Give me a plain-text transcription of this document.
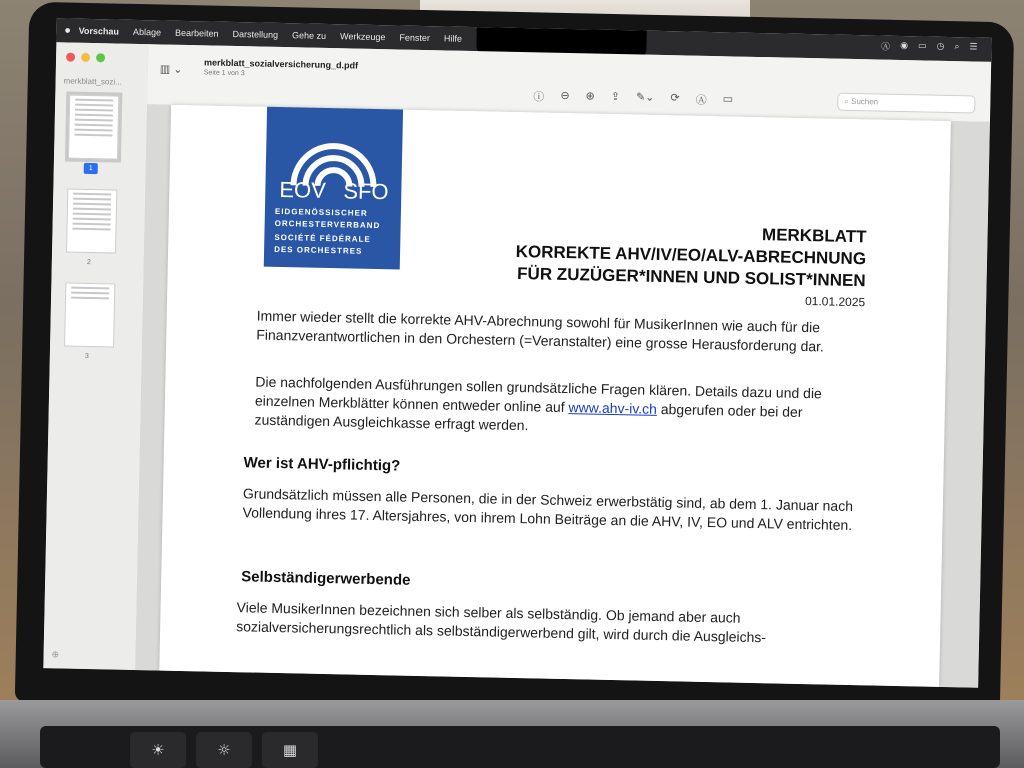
☀	☼	▦
● Vorschau Ablage Bearbeiten Darstellung Gehe zu Werkzeuge Fenster Hilfe
Ⓐ ◉ ▭ ◷ ⌕ ☰
merkblatt_sozi...
1
2
3
⊕
▥ ⌄ merkblatt_sozialversicherung_d.pdf
Seite 1 von 3
ⓘ ⊖ ⊕ ⇪ ✎⌄ ⟳ Ⓐ ▭	⌕ Suchen
EOV SFO
EIDGENÖSSISCHER
ORCHESTERVERBAND
SOCIÉTÉ FÉDÉRALE
DES ORCHESTRES
MERKBLATT
KORREKTE AHV/IV/EO/ALV-ABRECHNUNG
FÜR ZUZÜGER*INNEN UND SOLIST*INNEN
01.01.2025
Immer wieder stellt die korrekte AHV-Abrechnung sowohl für MusikerInnen wie auch für die Finanzverantwortlichen in den Orchestern (=Veranstalter) eine grosse Herausforderung dar.
Die nachfolgenden Ausführungen sollen grundsätzliche Fragen klären. Details dazu und die einzelnen Merkblätter können entweder online auf www.ahv-iv.ch abgerufen oder bei der zuständigen Ausgleichkasse erfragt werden.
Wer ist AHV-pflichtig?
Grundsätzlich müssen alle Personen, die in der Schweiz erwerbstätig sind, ab dem 1. Januar nach Vollendung ihres 17. Altersjahres, von ihrem Lohn Beiträge an die AHV, IV, EO und ALV entrichten.
Selbständigerwerbende
Viele MusikerInnen bezeichnen sich selber als selbständig. Ob jemand aber auch sozialversicherungsrechtlich als selbständigerwerbend gilt, wird durch die Ausgleichs-
